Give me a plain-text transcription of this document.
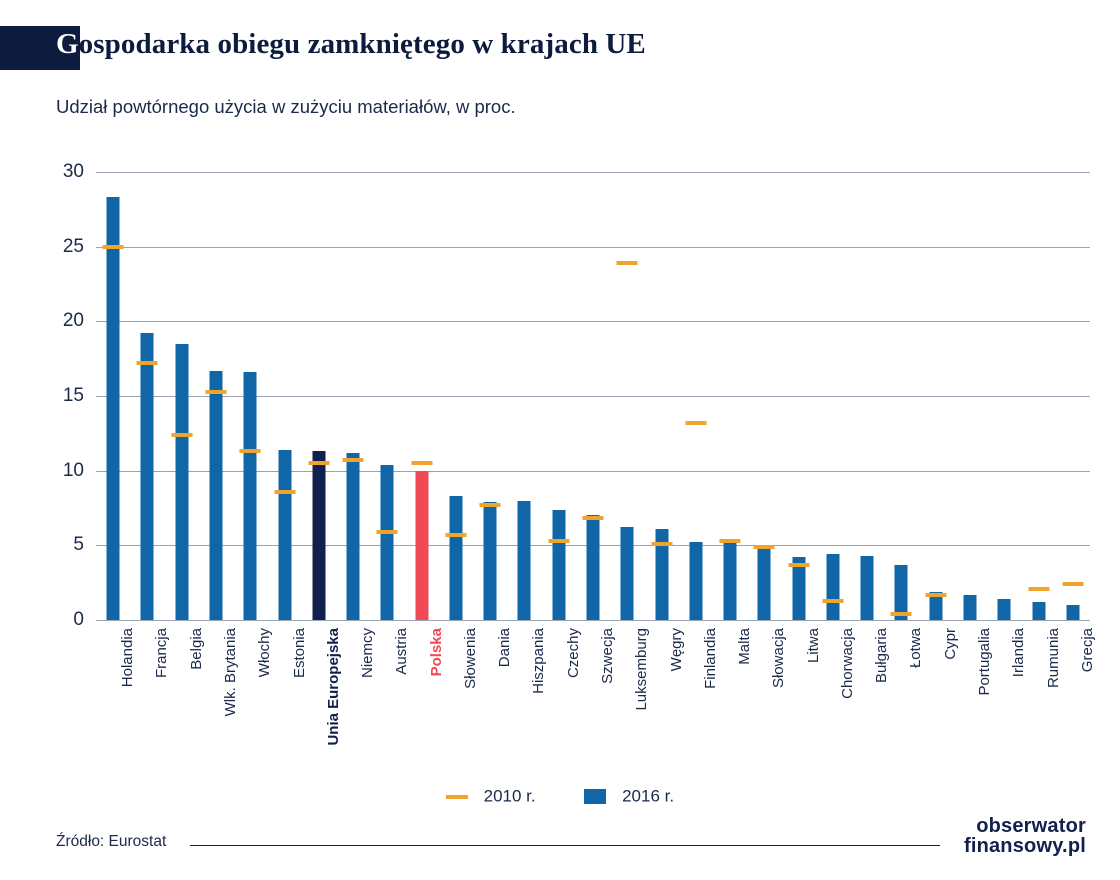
Gospodarka obiegu zamkniętego w krajach UE
Udział powtórnego użycia w zużyciu materiałów, w proc.
0
5
10
15
20
25
30
Holandia Francja Belgia Wlk. Brytania Włochy Estonia Unia Europejska Niemcy Austria Polska Słowenia Dania Hiszpania Czechy Szwecja Luksemburg Węgry Finlandia Malta Słowacja Litwa Chorwacja Bułgaria Łotwa Cypr Portugalia Irlandia Rumunia Grecja
2010 r.	2016 r.
Źródło: Eurostat
obserwator
finansowy.pl
